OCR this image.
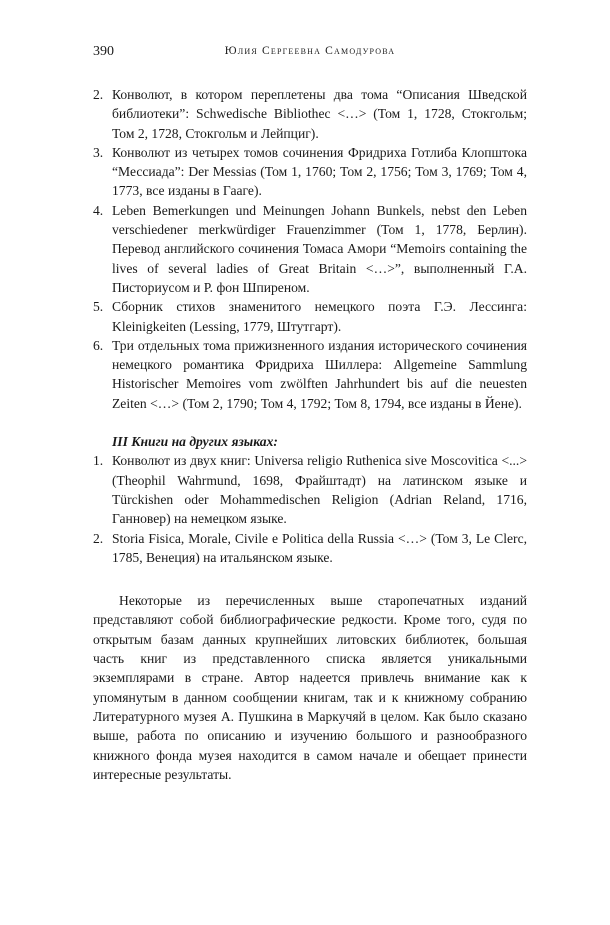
390	Юлия Сергеевна Самодурова
2. Конволют, в котором переплетены два тома “Описания Шведской библиотеки”: Schwedische Bibliothec <…> (Том 1, 1728, Стокгольм; Том 2, 1728, Стокгольм и Лейпциг).
3. Конволют из четырех томов сочинения Фридриха Готлиба Клопштока “Мессиада”: Der Messias (Том 1, 1760; Том 2, 1756; Том 3, 1769; Том 4, 1773, все изданы в Гааге).
4. Leben Bemerkungen und Meinungen Johann Bunkels, nebst den Leben verschiedener merkwürdiger Frauenzimmer (Том 1, 1778, Берлин). Перевод английского сочинения Томаса Амори “Memoirs containing the lives of several ladies of Great Britain <…>”, выполненный Г.А. Писториусом и Р. фон Шпиреном.
5. Сборник стихов знаменитого немецкого поэта Г.Э. Лессинга: Kleinigkeiten (Lessing, 1779, Штутгарт).
6. Три отдельных тома прижизненного издания исторического сочинения немецкого романтика Фридриха Шиллера: Allgemeine Sammlung Historischer Memoires vom zwölften Jahrhundert bis auf die neuesten Zeiten <…> (Том 2, 1790; Том 4, 1792; Том 8, 1794, все изданы в Йене).
III Книги на других языках:
1. Конволют из двух книг: Universa religio Ruthenica sive Moscovitica <...> (Theophil Wahrmund, 1698, Фрайштадт) на латинском языке и Türckishen oder Mohammedischen Religion (Adrian Reland, 1716, Ганновер) на немецком языке.
2. Storia Fisica, Morale, Civile e Politica della Russia <…> (Том 3, Le Clerc, 1785, Венеция) на итальянском языке.

Некоторые из перечисленных выше старопечатных изданий представляют собой библиографические редкости. Кроме того, судя по открытым базам данных крупнейших литовских библиотек, большая часть книг из представленного списка является уникальными экземплярами в стране. Автор надеется привлечь внимание как к упомянутым в данном сообщении книгам, так и к книжному собранию Литературного музея А. Пушкина в Маркучяй в целом. Как было сказано выше, работа по описанию и изучению большого и разнообразного книжного фонда музея находится в самом начале и обещает принести интересные результаты.
